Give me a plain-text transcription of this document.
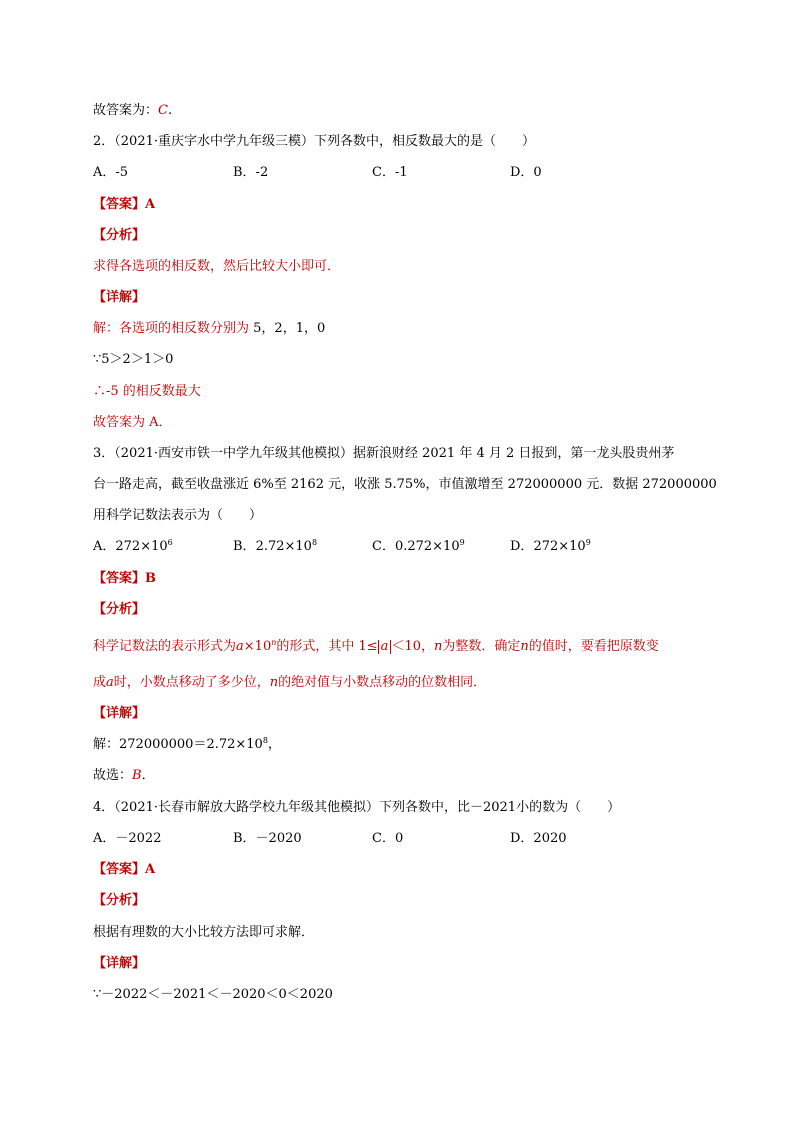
故答案为：C.
2．（2021·重庆字水中学九年级三模）下列各数中，相反数最大的是（　　）
A．-5	B．-2	C．-1	D．0
【答案】A
【分析】
求得各选项的相反数，然后比较大小即可．
【详解】
解：各选项的相反数分别为 5，2，1，0
∵5＞2＞1＞0
∴-5 的相反数最大
故答案为 A．
3．（2021·西安市铁一中学九年级其他模拟）据新浪财经 2021 年 4 月 2 日报到，第一龙头股贵州茅
台一路走高，截至收盘涨近 6%至 2162 元，收涨 5.75%，市值激增至 272000000 元．数据 272000000
用科学记数法表示为（　　）
A．$272\times 10^6$	B．$2.72\times 10^8$	C．$0.272\times 10^9$	D．$272\times 10^9$
【答案】B
【分析】
科学记数法的表示形式为$a\times 10^n$的形式，其中 1≤ a ＜10，n为整数．确定n的值时，要看把原数变
成a时，小数点移动了多少位，n的绝对值与小数点移动的位数相同．
【详解】
解：$272000000=2.72\times 10^8$，
故选：B．
4．（2021·长春市解放大路学校九年级其他模拟）下列各数中，比－2021小的数为（　　）
A．－2022	B．－2020	C．0	D．2020
【答案】A
【分析】
根据有理数的大小比较方法即可求解．
【详解】
∵－2022＜－2021＜－2020＜0＜2020
